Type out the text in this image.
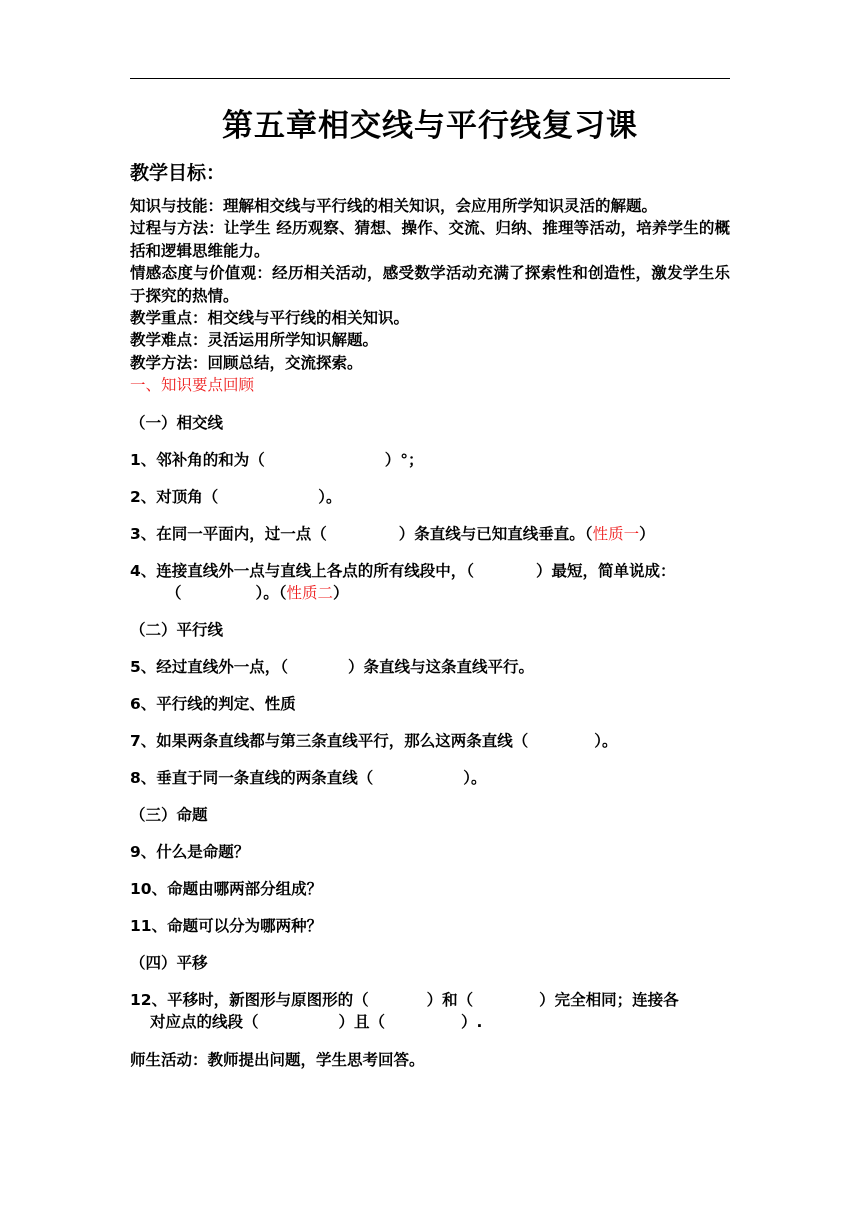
第五章相交线与平行线复习课
教学目标：
知识与技能：理解相交线与平行线的相关知识，会应用所学知识灵活的解题。
过程与方法：让学生 经历观察、猜想、操作、交流、归纳、推理等活动，培养学生的概括和逻辑思维能力。
情感态度与价值观：经历相关活动，感受数学活动充满了探索性和创造性，激发学生乐于探究的热情。
教学重点：相交线与平行线的相关知识。
教学难点：灵活运用所学知识解题。
教学方法：回顾总结，交流探索。
一、知识要点回顾
（一）相交线
1、邻补角的和为（	）°；
2、对顶角（	）。
3、在同一平面内，过一点（	）条直线与已知直线垂直。（性质一）
4、连接直线外一点与直线上各点的所有线段中，（	）最短，简单说成：
（	）。（性质二）
（二）平行线
5、经过直线外一点，（	）条直线与这条直线平行。
6、平行线的判定、性质
7、如果两条直线都与第三条直线平行，那么这两条直线（	）。
8、垂直于同一条直线的两条直线（	）。
（三）命题
9、什么是命题？
10、命题由哪两部分组成？
11、命题可以分为哪两种？
（四）平移
12、平移时，新图形与原图形的（	）和（	）完全相同；连接各
对应点的线段（	）且（	）.
师生活动：教师提出问题，学生思考回答。
